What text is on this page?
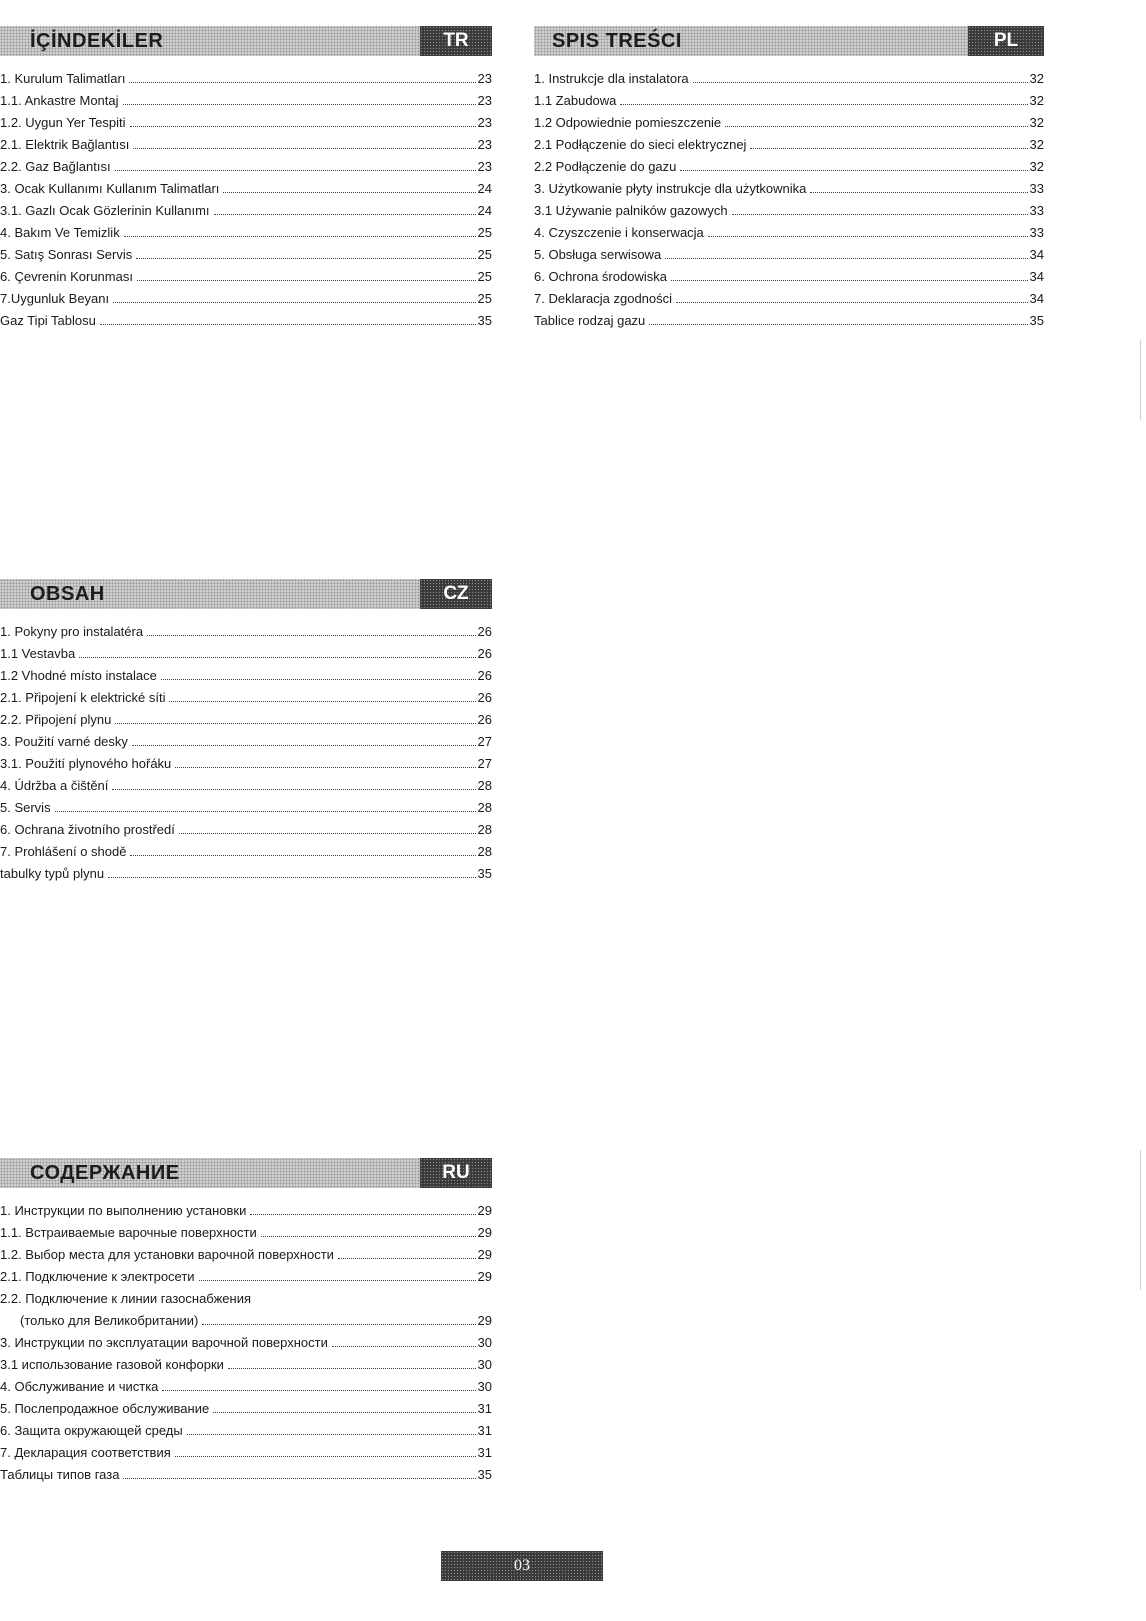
İÇİNDEKİLER	TR
1. Kurulum Talimatları	23
1.1. Ankastre Montaj	23
1.2. Uygun Yer Tespiti	23
2.1. Elektrik Bağlantısı	23
2.2. Gaz Bağlantısı	23
3. Ocak Kullanımı Kullanım Talimatları	24
3.1. Gazlı Ocak Gözlerinin Kullanımı	24
4. Bakım Ve Temizlik	25
5. Satış Sonrası Servis	25
6. Çevrenin Korunması	25
7.Uygunluk Beyanı	25
Gaz Tipi Tablosu	35
SPIS TREŚCI	PL
1. Instrukcje dla instalatora	32
1.1 Zabudowa	32
1.2 Odpowiednie pomieszczenie	32
2.1 Podłączenie do sieci elektrycznej	32
2.2 Podłączenie do gazu	32
3. Użytkowanie płyty instrukcje dla użytkownika	33
3.1 Używanie palników gazowych	33
4. Czyszczenie i konserwacja	33
5. Obsługa serwisowa	34
6. Ochrona środowiska	34
7. Deklaracja zgodności	34
Tablice rodzaj gazu	35
OBSAH	CZ
1. Pokyny pro instalatéra	26
1.1 Vestavba	26
1.2 Vhodné místo instalace	26
2.1. Připojení k elektrické síti	26
2.2. Připojení plynu	26
3. Použití varné desky	27
3.1. Použití plynového hořáku	27
4. Údržba a čištění	28
5. Servis	28
6. Ochrana životního prostředí	28
7. Prohlášení o shodě	28
tabulky typů plynu	35
СОДЕРЖАНИЕ	RU
1. Инструкции по выполнению установки	29
1.1. Встраиваемые варочные поверхности	29
1.2. Выбор места для установки варочной поверхности	29
2.1. Подключение к электросети	29
2.2. Подключение к линии газоснабжения
(только для Великобритании)	29
3. Инструкции по эксплуатации варочной поверхности	30
3.1 использование газовой конфорки	30
4. Обслуживание и чистка	30
5. Послепродажное обслуживание	31
6. Защита окружающей среды	31
7. Декларация соответствия	31
Таблицы типов газа	35
03
